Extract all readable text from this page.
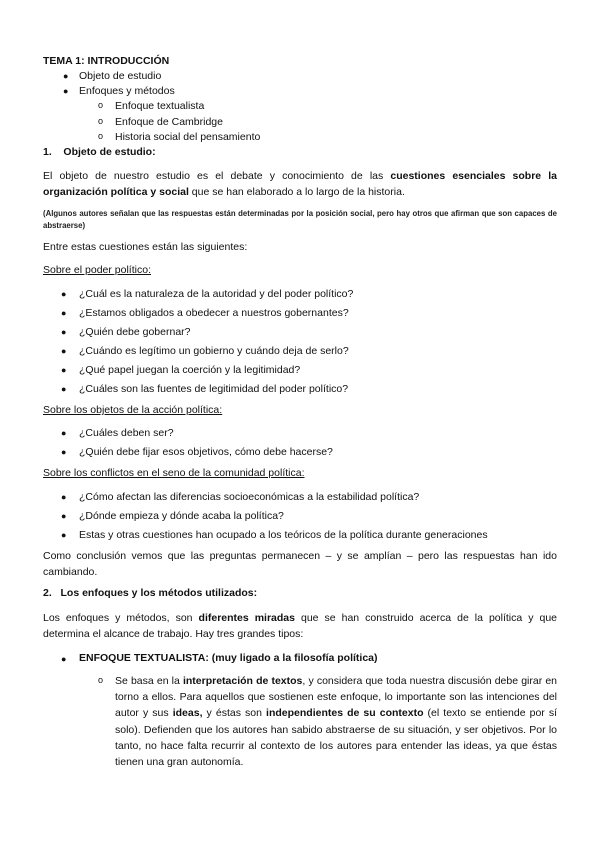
TEMA 1: INTRODUCCIÓN
● Objeto de estudio
● Enfoques y métodos
o Enfoque textualista
o Enfoque de Cambridge
o Historia social del pensamiento
1.    Objeto de estudio:
El objeto de nuestro estudio es el debate y conocimiento de las cuestiones esenciales sobre la organización política y social que se han elaborado a lo largo de la historia.
(Algunos autores señalan que las respuestas están determinadas por la posición social, pero hay otros que afirman que son capaces de abstraerse)
Entre estas cuestiones están las siguientes:
Sobre el poder político:
● ¿Cuál es la naturaleza de la autoridad y del poder político?
● ¿Estamos obligados a obedecer a nuestros gobernantes?
● ¿Quién debe gobernar?
● ¿Cuándo es legítimo un gobierno y cuándo deja de serlo?
● ¿Qué papel juegan la coerción y la legitimidad?
● ¿Cuáles son las fuentes de legitimidad del poder político?
Sobre los objetos de la acción política:
● ¿Cuáles deben ser?
● ¿Quién debe fijar esos objetivos, cómo debe hacerse?
Sobre los conflictos en el seno de la comunidad política:
● ¿Cómo afectan las diferencias socioeconómicas a la estabilidad política?
● ¿Dónde empieza y dónde acaba la política?
● Estas y otras cuestiones han ocupado a los teóricos de la política durante generaciones
Como conclusión vemos que las preguntas permanecen – y se amplían – pero las respuestas han ido cambiando.
2.   Los enfoques y los métodos utilizados:
Los enfoques y métodos, son diferentes miradas que se han construido acerca de la política y que determina el alcance de trabajo. Hay tres grandes tipos:
● ENFOQUE TEXTUALISTA: (muy ligado a la filosofía política)
o Se basa en la interpretación de textos, y considera que toda nuestra discusión debe girar en torno a ellos. Para aquellos que sostienen este enfoque, lo importante son las intenciones del autor y sus ideas, y éstas son independientes de su contexto (el texto se entiende por sí solo). Defienden que los autores han sabido abstraerse de su situación, y ser objetivos. Por lo tanto, no hace falta recurrir al contexto de los autores para entender las ideas, ya que éstas tienen una gran autonomía.
